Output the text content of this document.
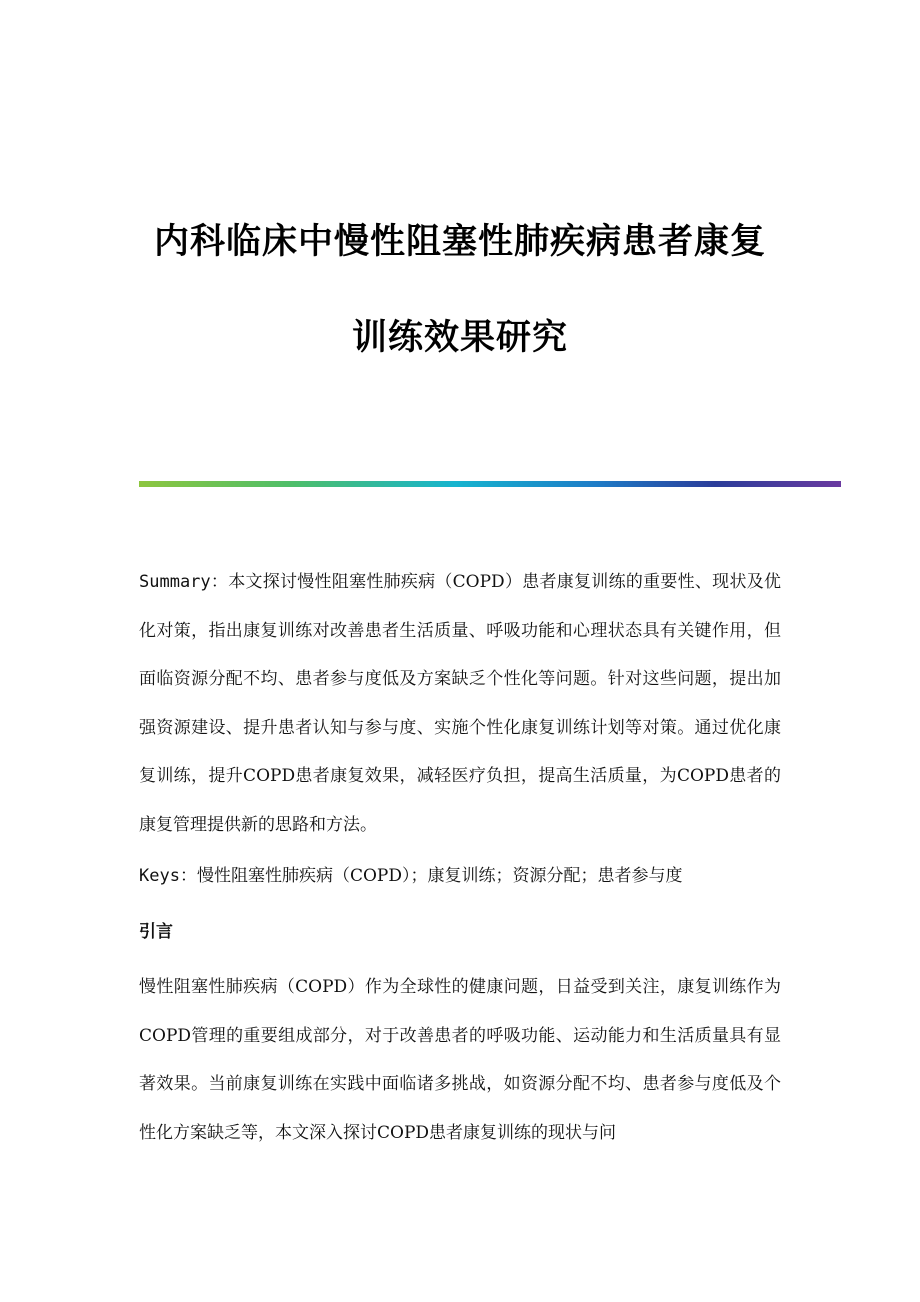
内科临床中慢性阻塞性肺疾病患者康复
训练效果研究

Summary：本文探讨慢性阻塞性肺疾病（COPD）患者康复训练的重要性、现状及优化对策，指出康复训练对改善患者生活质量、呼吸功能和心理状态具有关键作用，但面临资源分配不均、患者参与度低及方案缺乏个性化等问题。针对这些问题，提出加强资源建设、提升患者认知与参与度、实施个性化康复训练计划等对策。通过优化康复训练，提升COPD患者康复效果，减轻医疗负担，提高生活质量，为COPD患者的康复管理提供新的思路和方法。

Keys：慢性阻塞性肺疾病（COPD）；康复训练；资源分配；患者参与度

引言

慢性阻塞性肺疾病（COPD）作为全球性的健康问题，日益受到关注，康复训练作为COPD管理的重要组成部分，对于改善患者的呼吸功能、运动能力和生活质量具有显著效果。当前康复训练在实践中面临诸多挑战，如资源分配不均、患者参与度低及个性化方案缺乏等，本文深入探讨COPD患者康复训练的现状与问
